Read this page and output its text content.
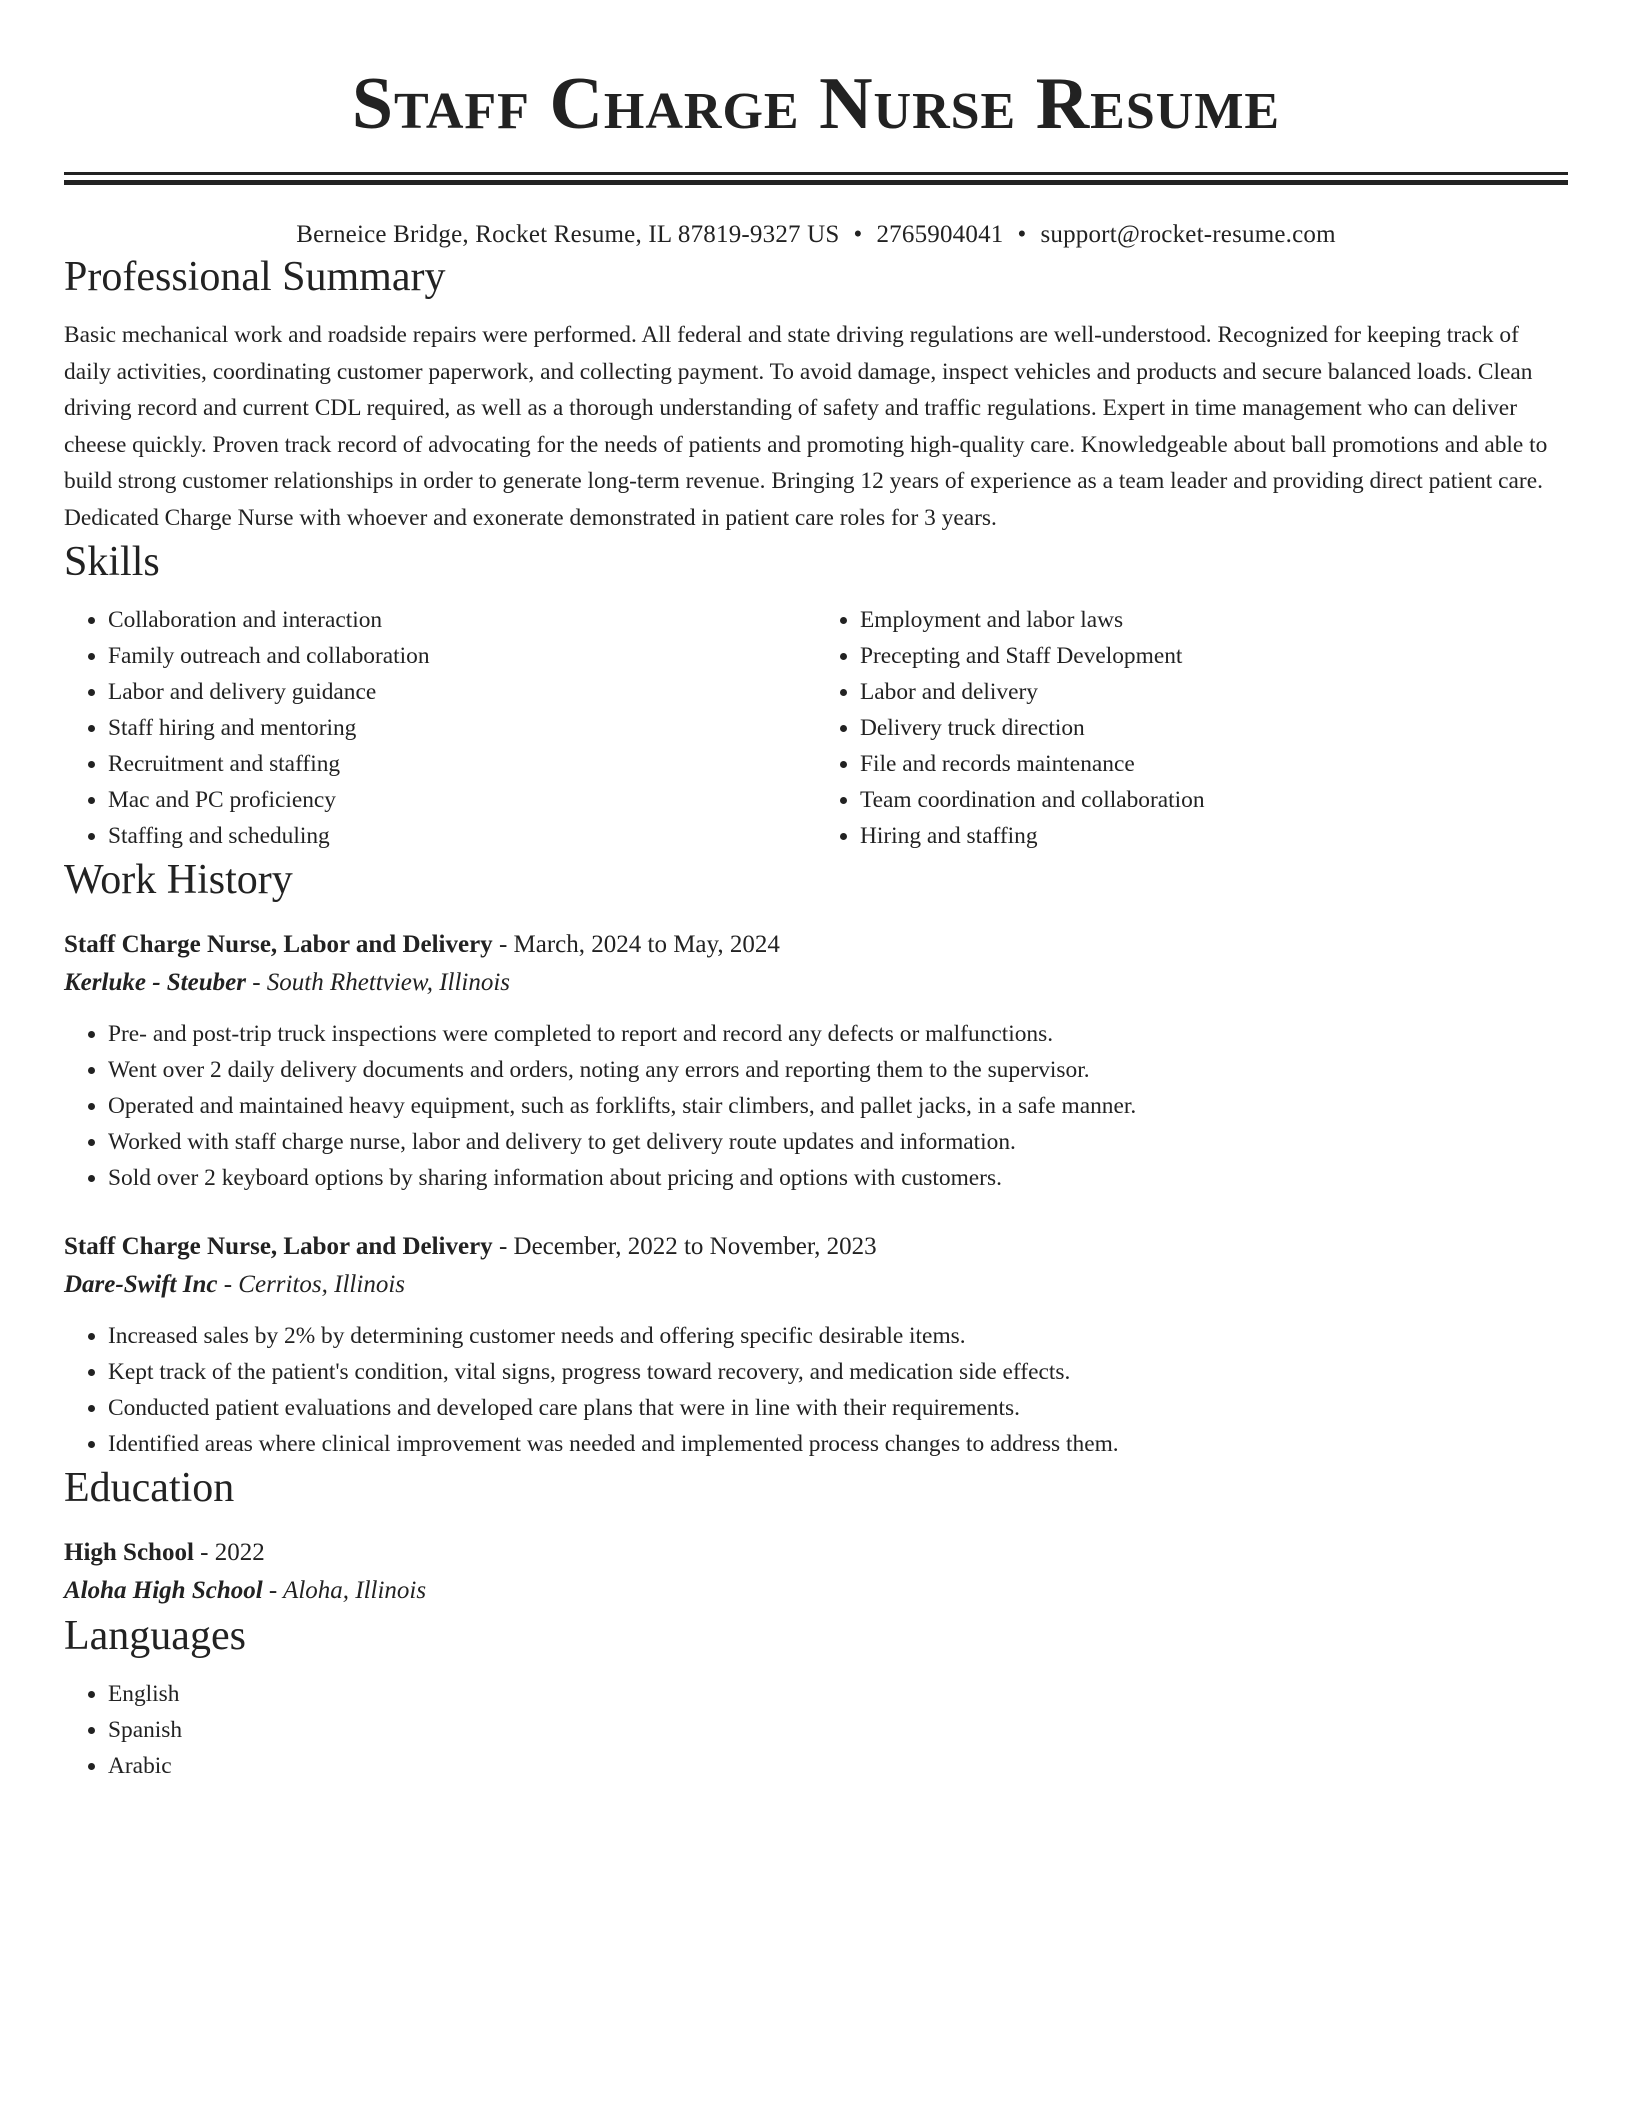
Staff Charge Nurse Resume
Berneice Bridge, Rocket Resume, IL 87819-9327 US • 2765904041 • support@rocket-resume.com
Professional Summary

Basic mechanical work and roadside repairs were performed. All federal and state driving regulations are well-understood. Recognized for keeping track of daily activities, coordinating customer paperwork, and collecting payment. To avoid damage, inspect vehicles and products and secure balanced loads. Clean driving record and current CDL required, as well as a thorough understanding of safety and traffic regulations. Expert in time management who can deliver cheese quickly. Proven track record of advocating for the needs of patients and promoting high-quality care. Knowledgeable about ball promotions and able to build strong customer relationships in order to generate long-term revenue. Bringing 12 years of experience as a team leader and providing direct patient care. Dedicated Charge Nurse with whoever and exonerate demonstrated in patient care roles for 3 years.

Skills
• Collaboration and interaction
• Family outreach and collaboration
• Labor and delivery guidance
• Staff hiring and mentoring
• Recruitment and staffing
• Mac and PC proficiency
• Staffing and scheduling
• Employment and labor laws
• Precepting and Staff Development
• Labor and delivery
• Delivery truck direction
• File and records maintenance
• Team coordination and collaboration
• Hiring and staffing
Work History
Staff Charge Nurse, Labor and Delivery - March, 2024 to May, 2024
Kerluke - Steuber - South Rhettview, Illinois
• Pre- and post-trip truck inspections were completed to report and record any defects or malfunctions.
• Went over 2 daily delivery documents and orders, noting any errors and reporting them to the supervisor.
• Operated and maintained heavy equipment, such as forklifts, stair climbers, and pallet jacks, in a safe manner.
• Worked with staff charge nurse, labor and delivery to get delivery route updates and information.
• Sold over 2 keyboard options by sharing information about pricing and options with customers.
Staff Charge Nurse, Labor and Delivery - December, 2022 to November, 2023
Dare-Swift Inc - Cerritos, Illinois
• Increased sales by 2% by determining customer needs and offering specific desirable items.
• Kept track of the patient's condition, vital signs, progress toward recovery, and medication side effects.
• Conducted patient evaluations and developed care plans that were in line with their requirements.
• Identified areas where clinical improvement was needed and implemented process changes to address them.
Education
High School - 2022
Aloha High School - Aloha, Illinois
Languages
• English
• Spanish
• Arabic
